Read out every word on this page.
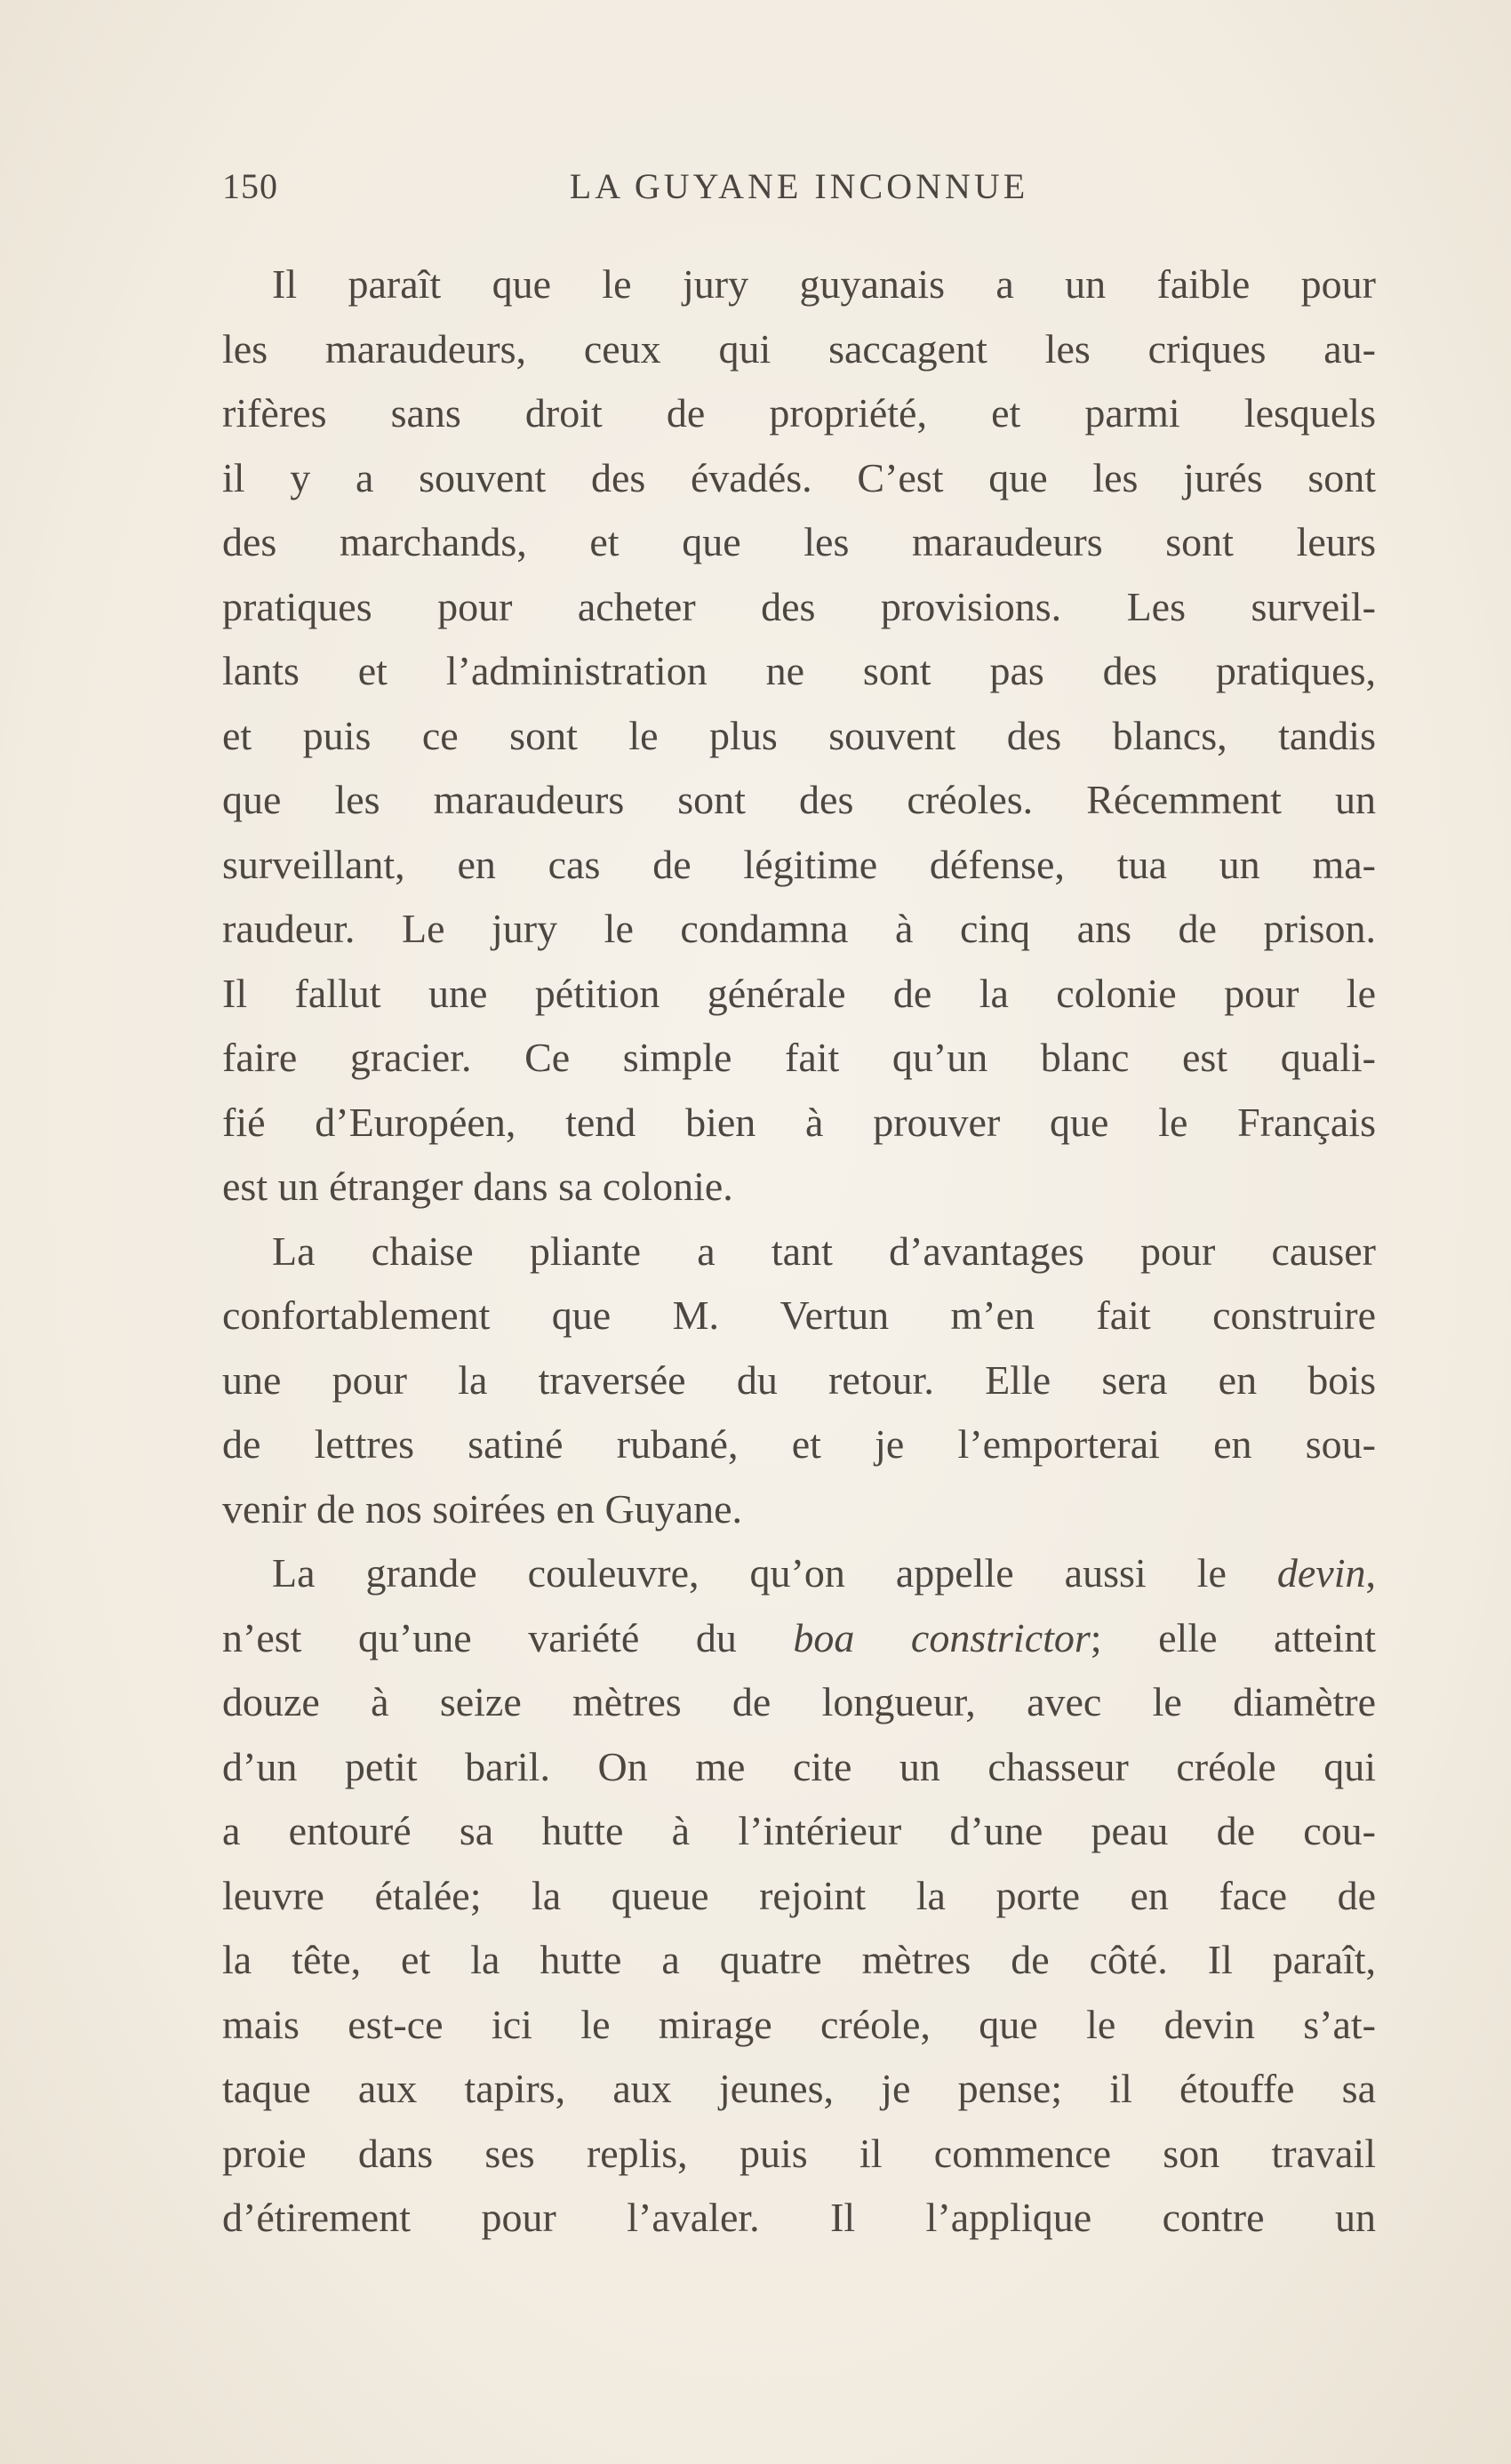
150	LA GUYANE INCONNUE
Il paraît que le jury guyanais a un faible pour
les maraudeurs, ceux qui saccagent les criques au-
rifères sans droit de propriété, et parmi lesquels
il y a souvent des évadés. C’est que les jurés sont
des marchands, et que les maraudeurs sont leurs
pratiques pour acheter des provisions. Les surveil-
lants et l’administration ne sont pas des pratiques,
et puis ce sont le plus souvent des blancs, tandis
que les maraudeurs sont des créoles. Récemment un
surveillant, en cas de légitime défense, tua un ma-
raudeur. Le jury le condamna à cinq ans de prison.
Il fallut une pétition générale de la colonie pour le
faire gracier. Ce simple fait qu’un blanc est quali-
fié d’Européen, tend bien à prouver que le Français
est un étranger dans sa colonie.
La chaise pliante a tant d’avantages pour causer
confortablement que M. Vertun m’en fait construire
une pour la traversée du retour. Elle sera en bois
de lettres satiné rubané, et je l’emporterai en sou-
venir de nos soirées en Guyane.
La grande couleuvre, qu’on appelle aussi le devin,
n’est qu’une variété du boa constrictor; elle atteint
douze à seize mètres de longueur, avec le diamètre
d’un petit baril. On me cite un chasseur créole qui
a entouré sa hutte à l’intérieur d’une peau de cou-
leuvre étalée; la queue rejoint la porte en face de
la tête, et la hutte a quatre mètres de côté. Il paraît,
mais est-ce ici le mirage créole, que le devin s’at-
taque aux tapirs, aux jeunes, je pense; il étouffe sa
proie dans ses replis, puis il commence son travail
d’étirement pour l’avaler. Il l’applique contre un
